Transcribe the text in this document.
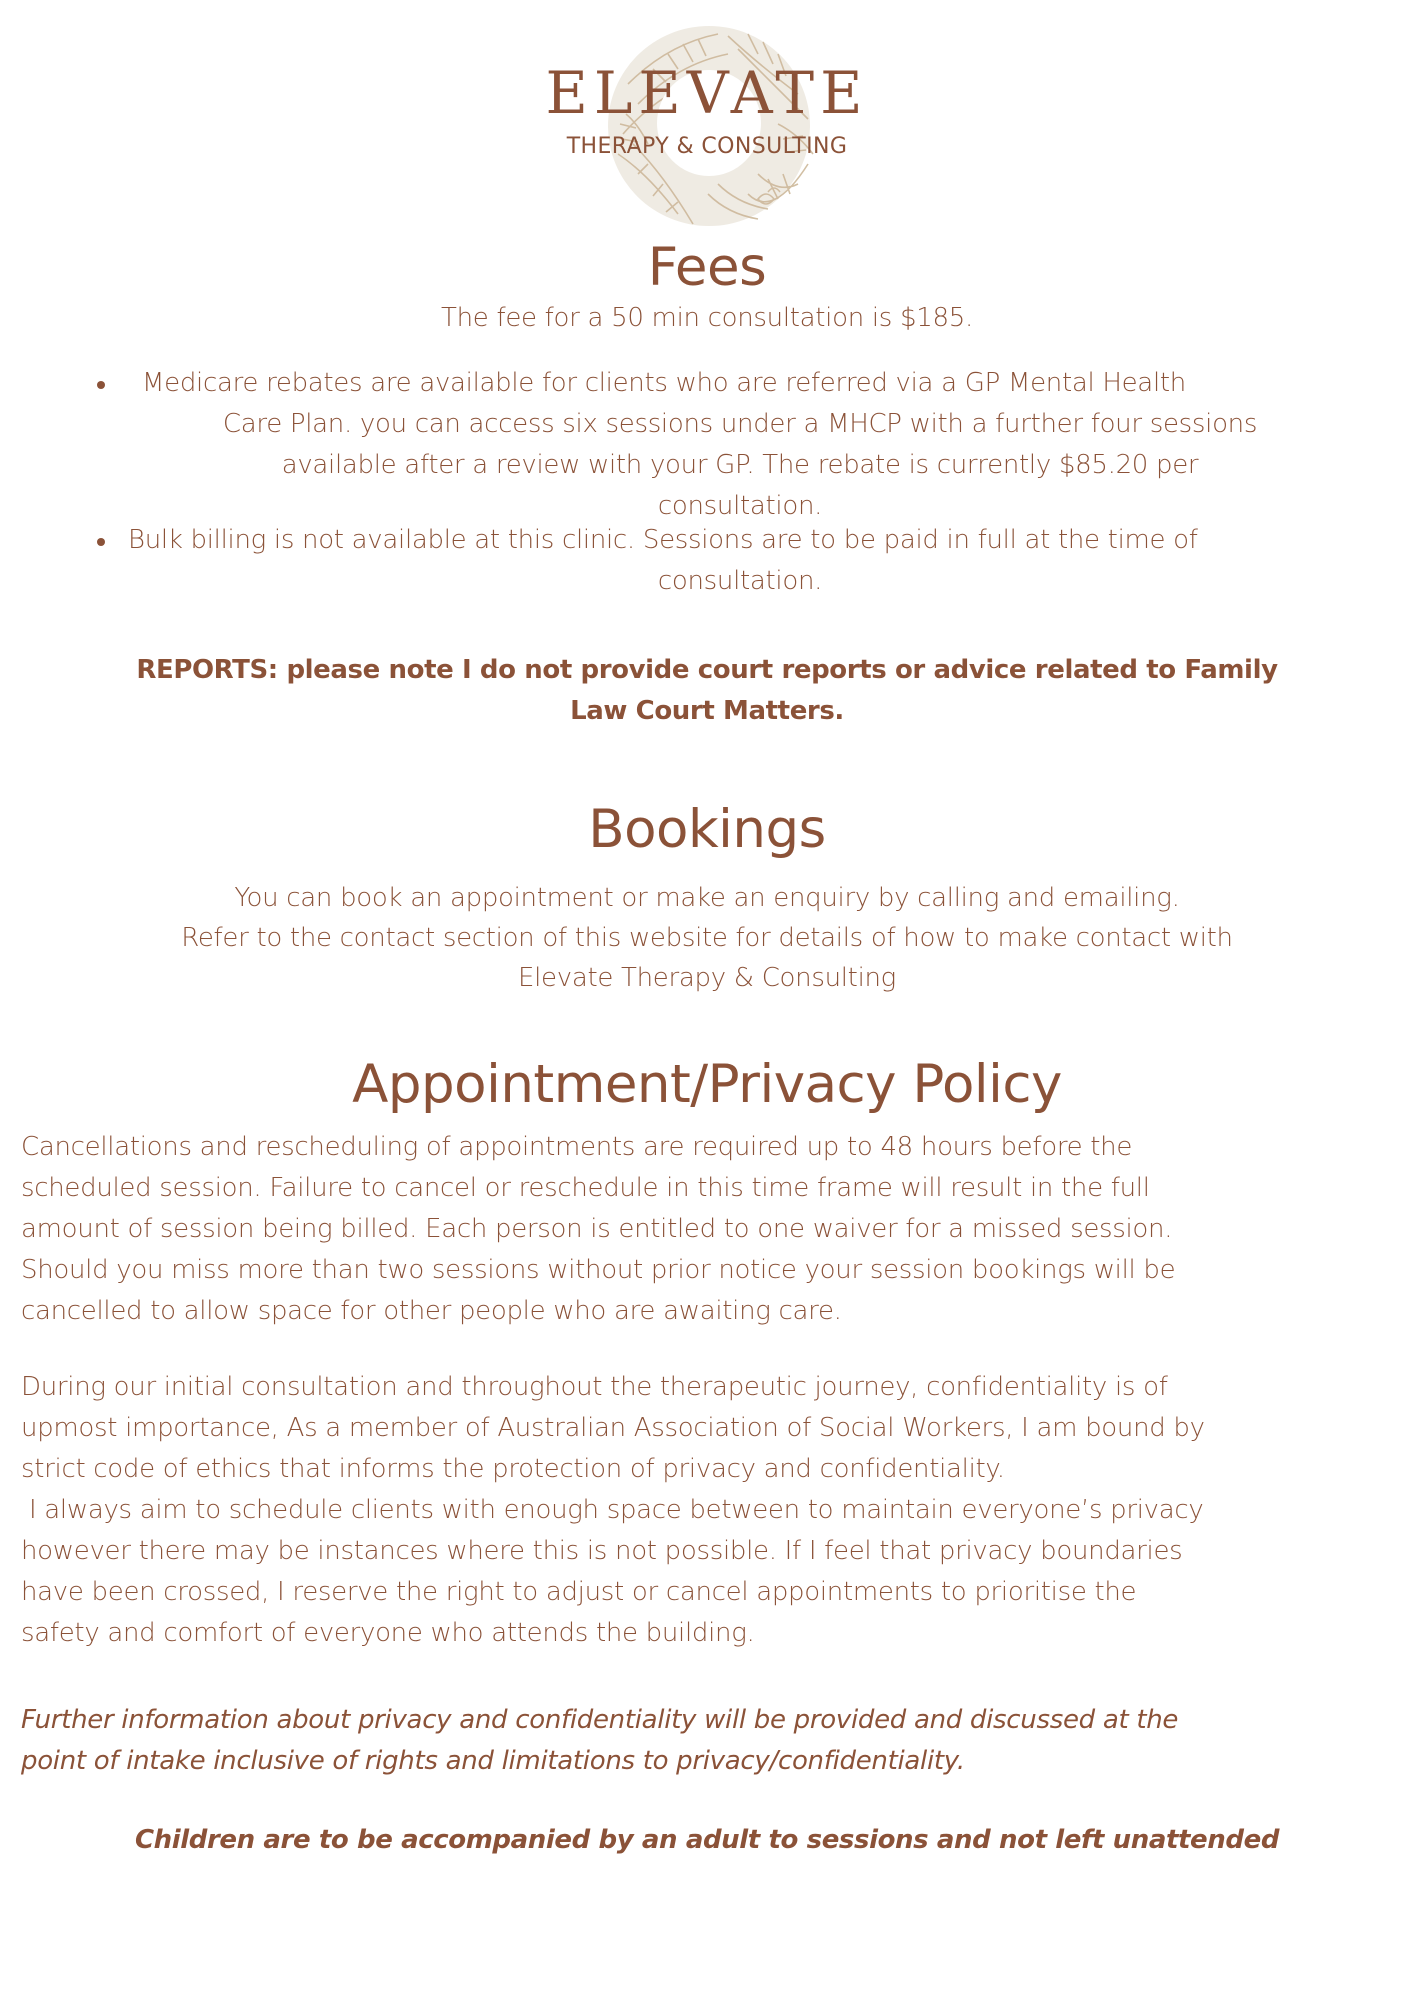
ELEVATE
THERAPY & CONSULTING
Fees
The fee for a 50 min consultation is $185.
Medicare rebates are available for clients who are referred via a GP Mental Health
Care Plan. you can access six sessions under a MHCP with a further four sessions
available after a review with your GP. The rebate is currently $85.20 per
consultation.
Bulk billing is not available at this clinic. Sessions are to be paid in full at the time of
consultation.
REPORTS: please note I do not provide court reports or advice related to Family
Law Court Matters.
Bookings
You can book an appointment or make an enquiry by calling and emailing.
Refer to the contact section of this website for details of how to make contact with
Elevate Therapy & Consulting
Appointment/Privacy Policy
Cancellations and rescheduling of appointments are required up to 48 hours before the
scheduled session. Failure to cancel or reschedule in this time frame will result in the full
amount of session being billed. Each person is entitled to one waiver for a missed session.
Should you miss more than two sessions without prior notice your session bookings will be
cancelled to allow space for other people who are awaiting care.
During our initial consultation and throughout the therapeutic journey, confidentiality is of
upmost importance, As a member of Australian Association of Social Workers, I am bound by
strict code of ethics that informs the protection of privacy and confidentiality.
I always aim to schedule clients with enough space between to maintain everyone’s privacy
however there may be instances where this is not possible. If I feel that privacy boundaries
have been crossed, I reserve the right to adjust or cancel appointments to prioritise the
safety and comfort of everyone who attends the building.
Further information about privacy and confidentiality will be provided and discussed at the
point of intake inclusive of rights and limitations to privacy/confidentiality.
Children are to be accompanied by an adult to sessions and not left unattended
